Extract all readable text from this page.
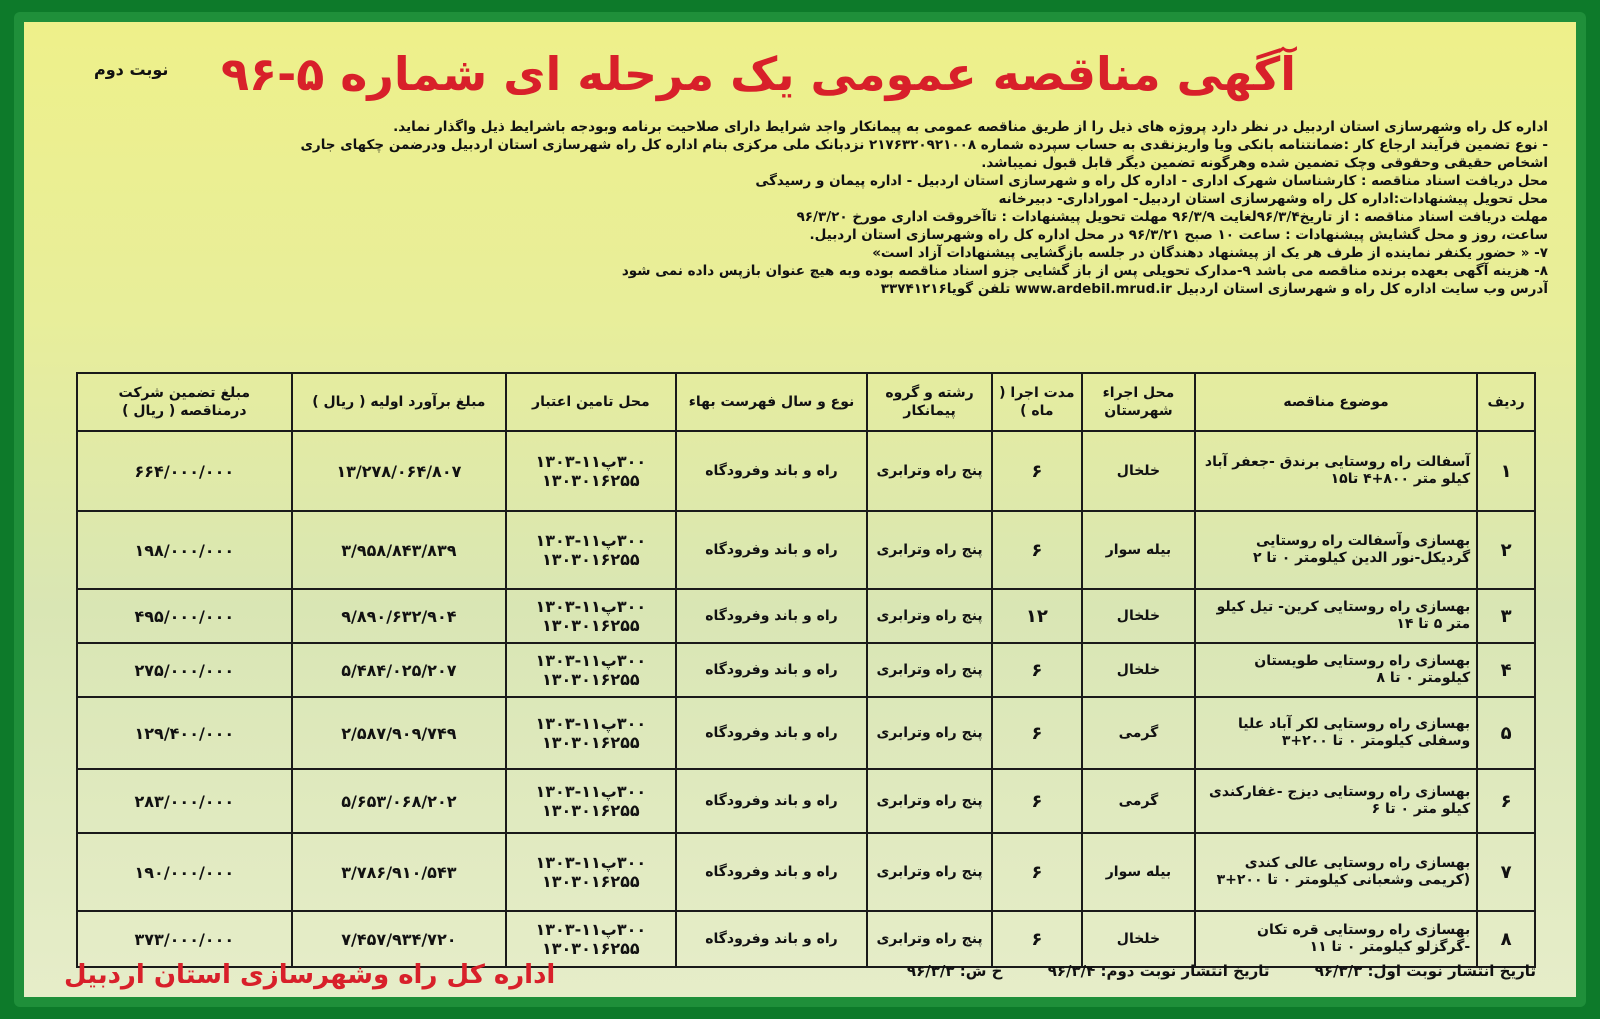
آگهی مناقصه عمومی یک مرحله ای شماره ۵-۹۶
نوبت دوم
اداره کل راه وشهرسازی استان اردبیل در نظر دارد پروژه های ذیل را از طریق مناقصه عمومی به پیمانکار واجد شرایط دارای صلاحیت برنامه وبودجه باشرایط ذیل واگذار نماید.
- نوع تضمین فرآیند ارجاع کار :ضمانتنامه بانکی ویا واریزنقدی به حساب سپرده شماره ۲۱۷۶۳۲۰۹۲۱۰۰۸ نزدبانک ملی مرکزی بنام اداره کل راه شهرسازی استان اردبیل ودرضمن چکهای جاری
اشخاص حقیقی وحقوقی وچک تضمین شده وهرگونه تضمین دیگر قابل قبول نمیباشد.
محل دریافت اسناد مناقصه : کارشناسان شهرک اداری - اداره کل راه و شهرسازی استان اردبیل - اداره پیمان و رسیدگی
محل تحویل پیشنهادات:اداره کل راه وشهرسازی استان اردبیل- اموراداری- دبیرخانه
مهلت دریافت اسناد مناقصه : از تاریخ۹۶/۳/۴لغایت ۹۶/۳/۹ مهلت تحویل پیشنهادات : تاآخروقت اداری مورخ ۹۶/۳/۲۰
ساعت، روز و محل گشایش پیشنهادات : ساعت ۱۰ صبح ۹۶/۳/۲۱ در محل اداره کل راه وشهرسازی استان اردبیل.
۷- « حضور یکنفر نماینده از طرف هر یک از پیشنهاد دهندگان در جلسه بازگشایی پیشنهادات آزاد است»
۸- هزینه آگهی بعهده برنده مناقصه می باشد ۹-مدارک تحویلی پس از باز گشایی جزو اسناد مناقصه بوده وبه هیچ عنوان بازپس داده نمی شود
آدرس وب سایت اداره کل راه و شهرسازی استان اردبیل www.ardebil.mrud.ir تلفن گویا۳۳۷۴۱۲۱۶
ردیف	موضوع مناقصه	محل اجراء شهرستان	مدت اجرا ( ماه )	رشته و گروه پیمانکار	نوع و سال فهرست بهاء	محل تامین اعتبار	مبلغ برآورد اولیه ( ریال )	مبلغ تضمین شرکت درمناقصه ( ریال )
۱	آسفالت راه روستایی برندق -جعفر آباد کیلو متر ۸۰۰+۴ تا۱۵	خلخال	۶	پنج راه وترابری	راه و باند وفرودگاه	۳۰۰پ۱۱-۱۳۰۳
۱۳۰۳۰۱۶۲۵۵	۱۳/۲۷۸/۰۶۴/۸۰۷	۶۶۴/۰۰۰/۰۰۰
۲	بهسازی وآسفالت راه روستایی گردیکل-نور الدین کیلومتر ۰ تا ۲	بیله سوار	۶	پنج راه وترابری	راه و باند وفرودگاه	۳۰۰پ۱۱-۱۳۰۳
۱۳۰۳۰۱۶۲۵۵	۳/۹۵۸/۸۴۳/۸۳۹	۱۹۸/۰۰۰/۰۰۰
۳	بهسازی راه روستایی کرین- تیل کیلو متر ۵ تا ۱۴	خلخال	۱۲	پنج راه وترابری	راه و باند وفرودگاه	۳۰۰پ۱۱-۱۳۰۳
۱۳۰۳۰۱۶۲۵۵	۹/۸۹۰/۶۳۲/۹۰۴	۴۹۵/۰۰۰/۰۰۰
۴	بهسازی راه روستایی طویستان کیلومتر ۰ تا ۸	خلخال	۶	پنج راه وترابری	راه و باند وفرودگاه	۳۰۰پ۱۱-۱۳۰۳
۱۳۰۳۰۱۶۲۵۵	۵/۴۸۴/۰۲۵/۲۰۷	۲۷۵/۰۰۰/۰۰۰
۵	بهسازی راه روستایی لکر آباد علیا وسفلی کیلومتر ۰ تا ۲۰۰+۳	گرمی	۶	پنج راه وترابری	راه و باند وفرودگاه	۳۰۰پ۱۱-۱۳۰۳
۱۳۰۳۰۱۶۲۵۵	۲/۵۸۷/۹۰۹/۷۴۹	۱۲۹/۴۰۰/۰۰۰
۶	بهسازی راه روستایی دیزج -غفارکندی کیلو متر ۰ تا ۶	گرمی	۶	پنج راه وترابری	راه و باند وفرودگاه	۳۰۰پ۱۱-۱۳۰۳
۱۳۰۳۰۱۶۲۵۵	۵/۶۵۳/۰۶۸/۲۰۲	۲۸۳/۰۰۰/۰۰۰
۷	بهسازی راه روستایی عالی کندی (کریمی وشعبانی کیلومتر ۰ تا ۲۰۰+۳	بیله سوار	۶	پنج راه وترابری	راه و باند وفرودگاه	۳۰۰پ۱۱-۱۳۰۳
۱۳۰۳۰۱۶۲۵۵	۳/۷۸۶/۹۱۰/۵۴۳	۱۹۰/۰۰۰/۰۰۰
۸	بهسازی راه روستایی قره تکان -گرگزلو کیلومتر ۰ تا ۱۱	خلخال	۶	پنج راه وترابری	راه و باند وفرودگاه	۳۰۰پ۱۱-۱۳۰۳
۱۳۰۳۰۱۶۲۵۵	۷/۴۵۷/۹۳۴/۷۲۰	۳۷۳/۰۰۰/۰۰۰
تاریخ انتشار نوبت اول: ۹۶/۳/۳ تاریخ انتشار نوبت دوم: ۹۶/۳/۴ خ ش: ۹۶/۳/۳
اداره کل راه وشهرسازی استان اردبیل
